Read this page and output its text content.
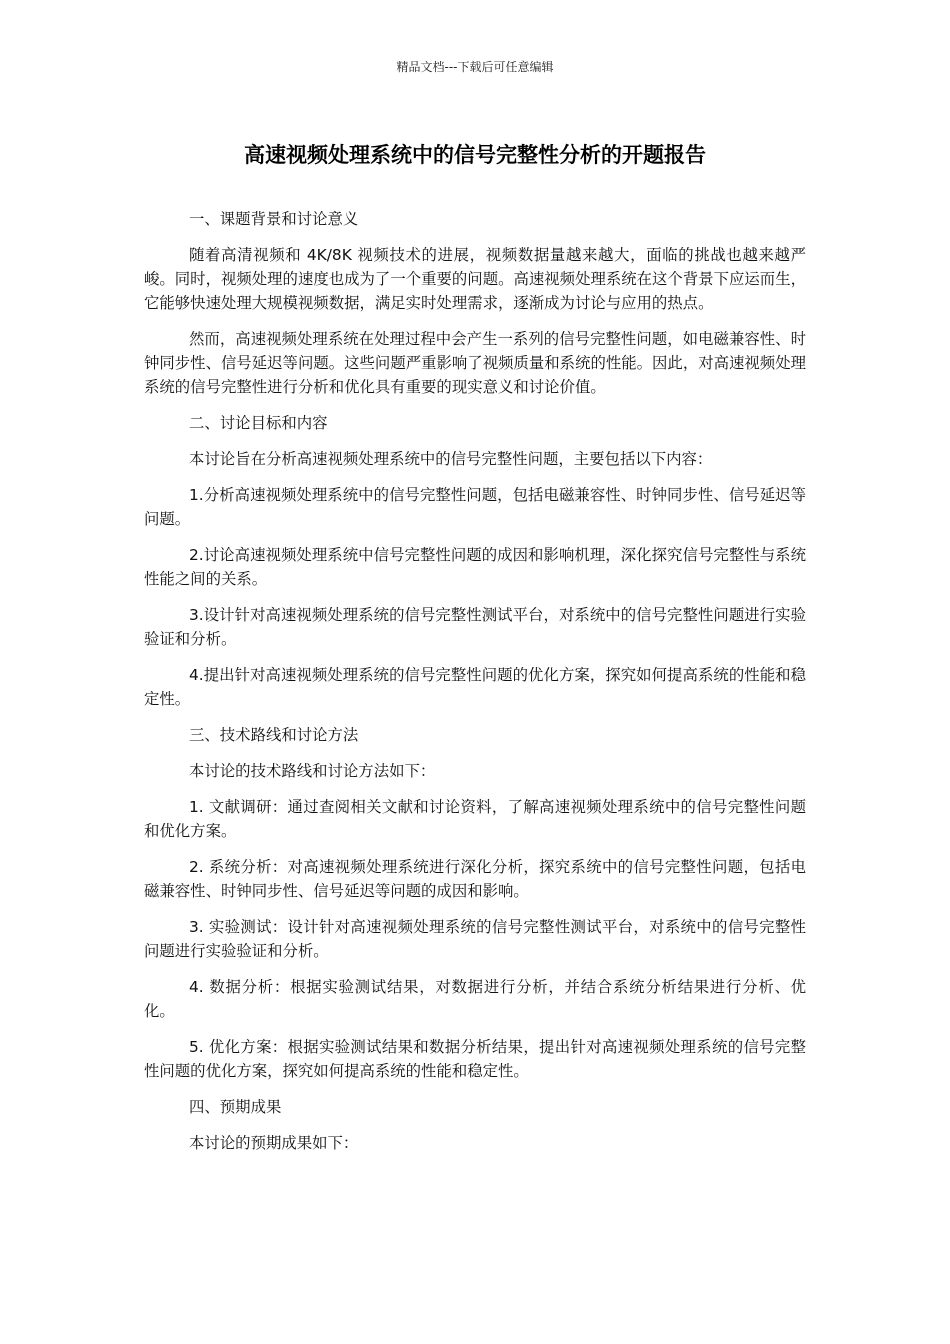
精品文档---下载后可任意编辑
高速视频处理系统中的信号完整性分析的开题报告

一、课题背景和讨论意义

随着高清视频和 4K/8K 视频技术的进展，视频数据量越来越大，面临的挑战也越来越严峻。同时，视频处理的速度也成为了一个重要的问题。高速视频处理系统在这个背景下应运而生，它能够快速处理大规模视频数据，满足实时处理需求，逐渐成为讨论与应用的热点。

然而，高速视频处理系统在处理过程中会产生一系列的信号完整性问题，如电磁兼容性、时钟同步性、信号延迟等问题。这些问题严重影响了视频质量和系统的性能。因此，对高速视频处理系统的信号完整性进行分析和优化具有重要的现实意义和讨论价值。

二、讨论目标和内容

本讨论旨在分析高速视频处理系统中的信号完整性问题，主要包括以下内容：

1.分析高速视频处理系统中的信号完整性问题，包括电磁兼容性、时钟同步性、信号延迟等问题。

2.讨论高速视频处理系统中信号完整性问题的成因和影响机理，深化探究信号完整性与系统性能之间的关系。

3.设计针对高速视频处理系统的信号完整性测试平台，对系统中的信号完整性问题进行实验验证和分析。

4.提出针对高速视频处理系统的信号完整性问题的优化方案，探究如何提高系统的性能和稳定性。

三、技术路线和讨论方法

本讨论的技术路线和讨论方法如下：

1. 文献调研：通过查阅相关文献和讨论资料，了解高速视频处理系统中的信号完整性问题和优化方案。

2. 系统分析：对高速视频处理系统进行深化分析，探究系统中的信号完整性问题，包括电磁兼容性、时钟同步性、信号延迟等问题的成因和影响。

3. 实验测试：设计针对高速视频处理系统的信号完整性测试平台，对系统中的信号完整性问题进行实验验证和分析。

4. 数据分析：根据实验测试结果，对数据进行分析，并结合系统分析结果进行分析、优化。

5. 优化方案：根据实验测试结果和数据分析结果，提出针对高速视频处理系统的信号完整性问题的优化方案，探究如何提高系统的性能和稳定性。

四、预期成果

本讨论的预期成果如下：
